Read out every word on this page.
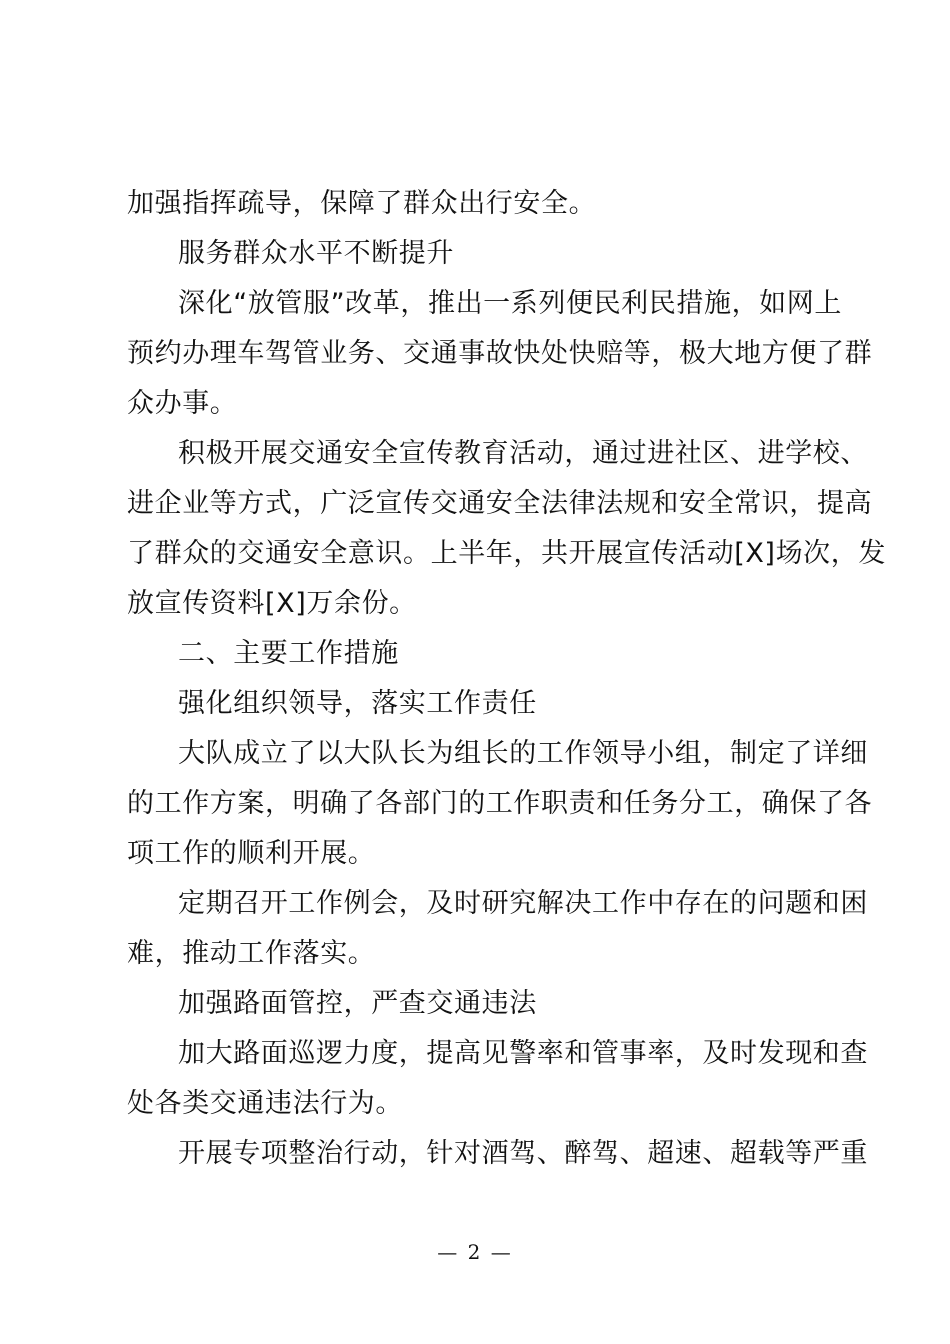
加强指挥疏导，保障了群众出行安全。
服务群众水平不断提升
深化“放管服”改革，推出一系列便民利民措施，如网上
预约办理车驾管业务、交通事故快处快赔等，极大地方便了群
众办事。
积极开展交通安全宣传教育活动，通过进社区、进学校、
进企业等方式，广泛宣传交通安全法律法规和安全常识，提高
了群众的交通安全意识。上半年，共开展宣传活动[X]场次，发
放宣传资料[X]万余份。
二、主要工作措施
强化组织领导，落实工作责任
大队成立了以大队长为组长的工作领导小组，制定了详细
的工作方案，明确了各部门的工作职责和任务分工，确保了各
项工作的顺利开展。
定期召开工作例会，及时研究解决工作中存在的问题和困
难，推动工作落实。
加强路面管控，严查交通违法
加大路面巡逻力度，提高见警率和管事率，及时发现和查
处各类交通违法行为。
开展专项整治行动，针对酒驾、醉驾、超速、超载等严重
— 2 —
